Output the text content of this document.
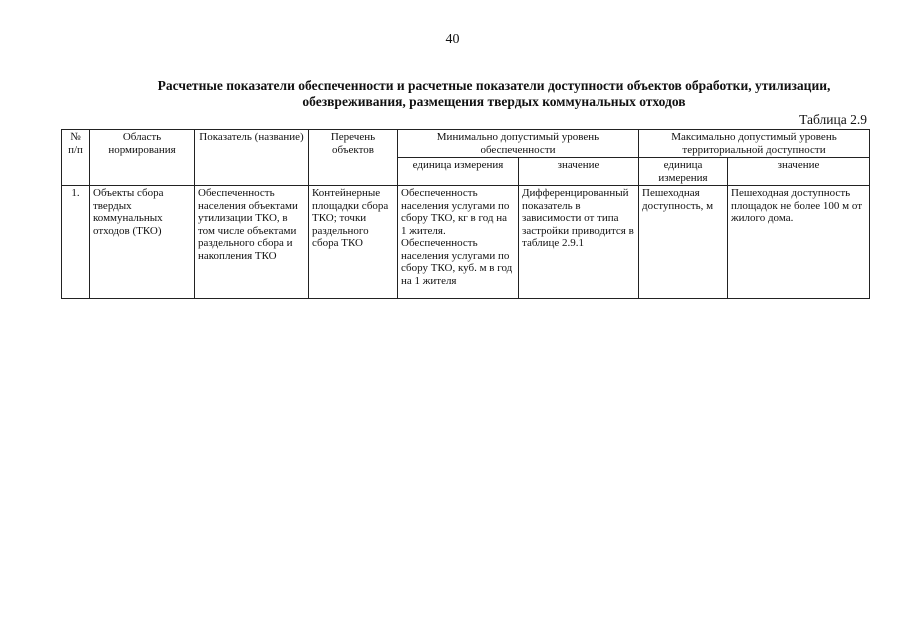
40
Расчетные показатели обеспеченности и расчетные показатели доступности объектов обработки, утилизации,
обезвреживания, размещения твердых коммунальных отходов
Таблица 2.9
№ п/п	Область нормирования	Показатель (название)	Перечень объектов	Минимально допустимый уровень обеспеченности		Максимально допустимый уровень территориальной доступности	
				единица измерения	значение	единица измерения	значение
1.	Объекты сбора твердых коммунальных отходов (ТКО)	Обеспеченность населения объектами утилизации ТКО, в том числе объектами раздельного сбора и накопления ТКО	Контейнерные площадки сбора ТКО; точки раздельного сбора ТКО	Обеспеченность населения услугами по сбору ТКО, кг в год на 1 жителя. Обеспеченность населения услугами по сбору ТКО, куб. м в год на 1 жителя	Дифференцированный показатель в зависимости от типа застройки приводится в таблице 2.9.1	Пешеходная доступность, м	Пешеходная доступность площадок не более 100 м от жилого дома.
